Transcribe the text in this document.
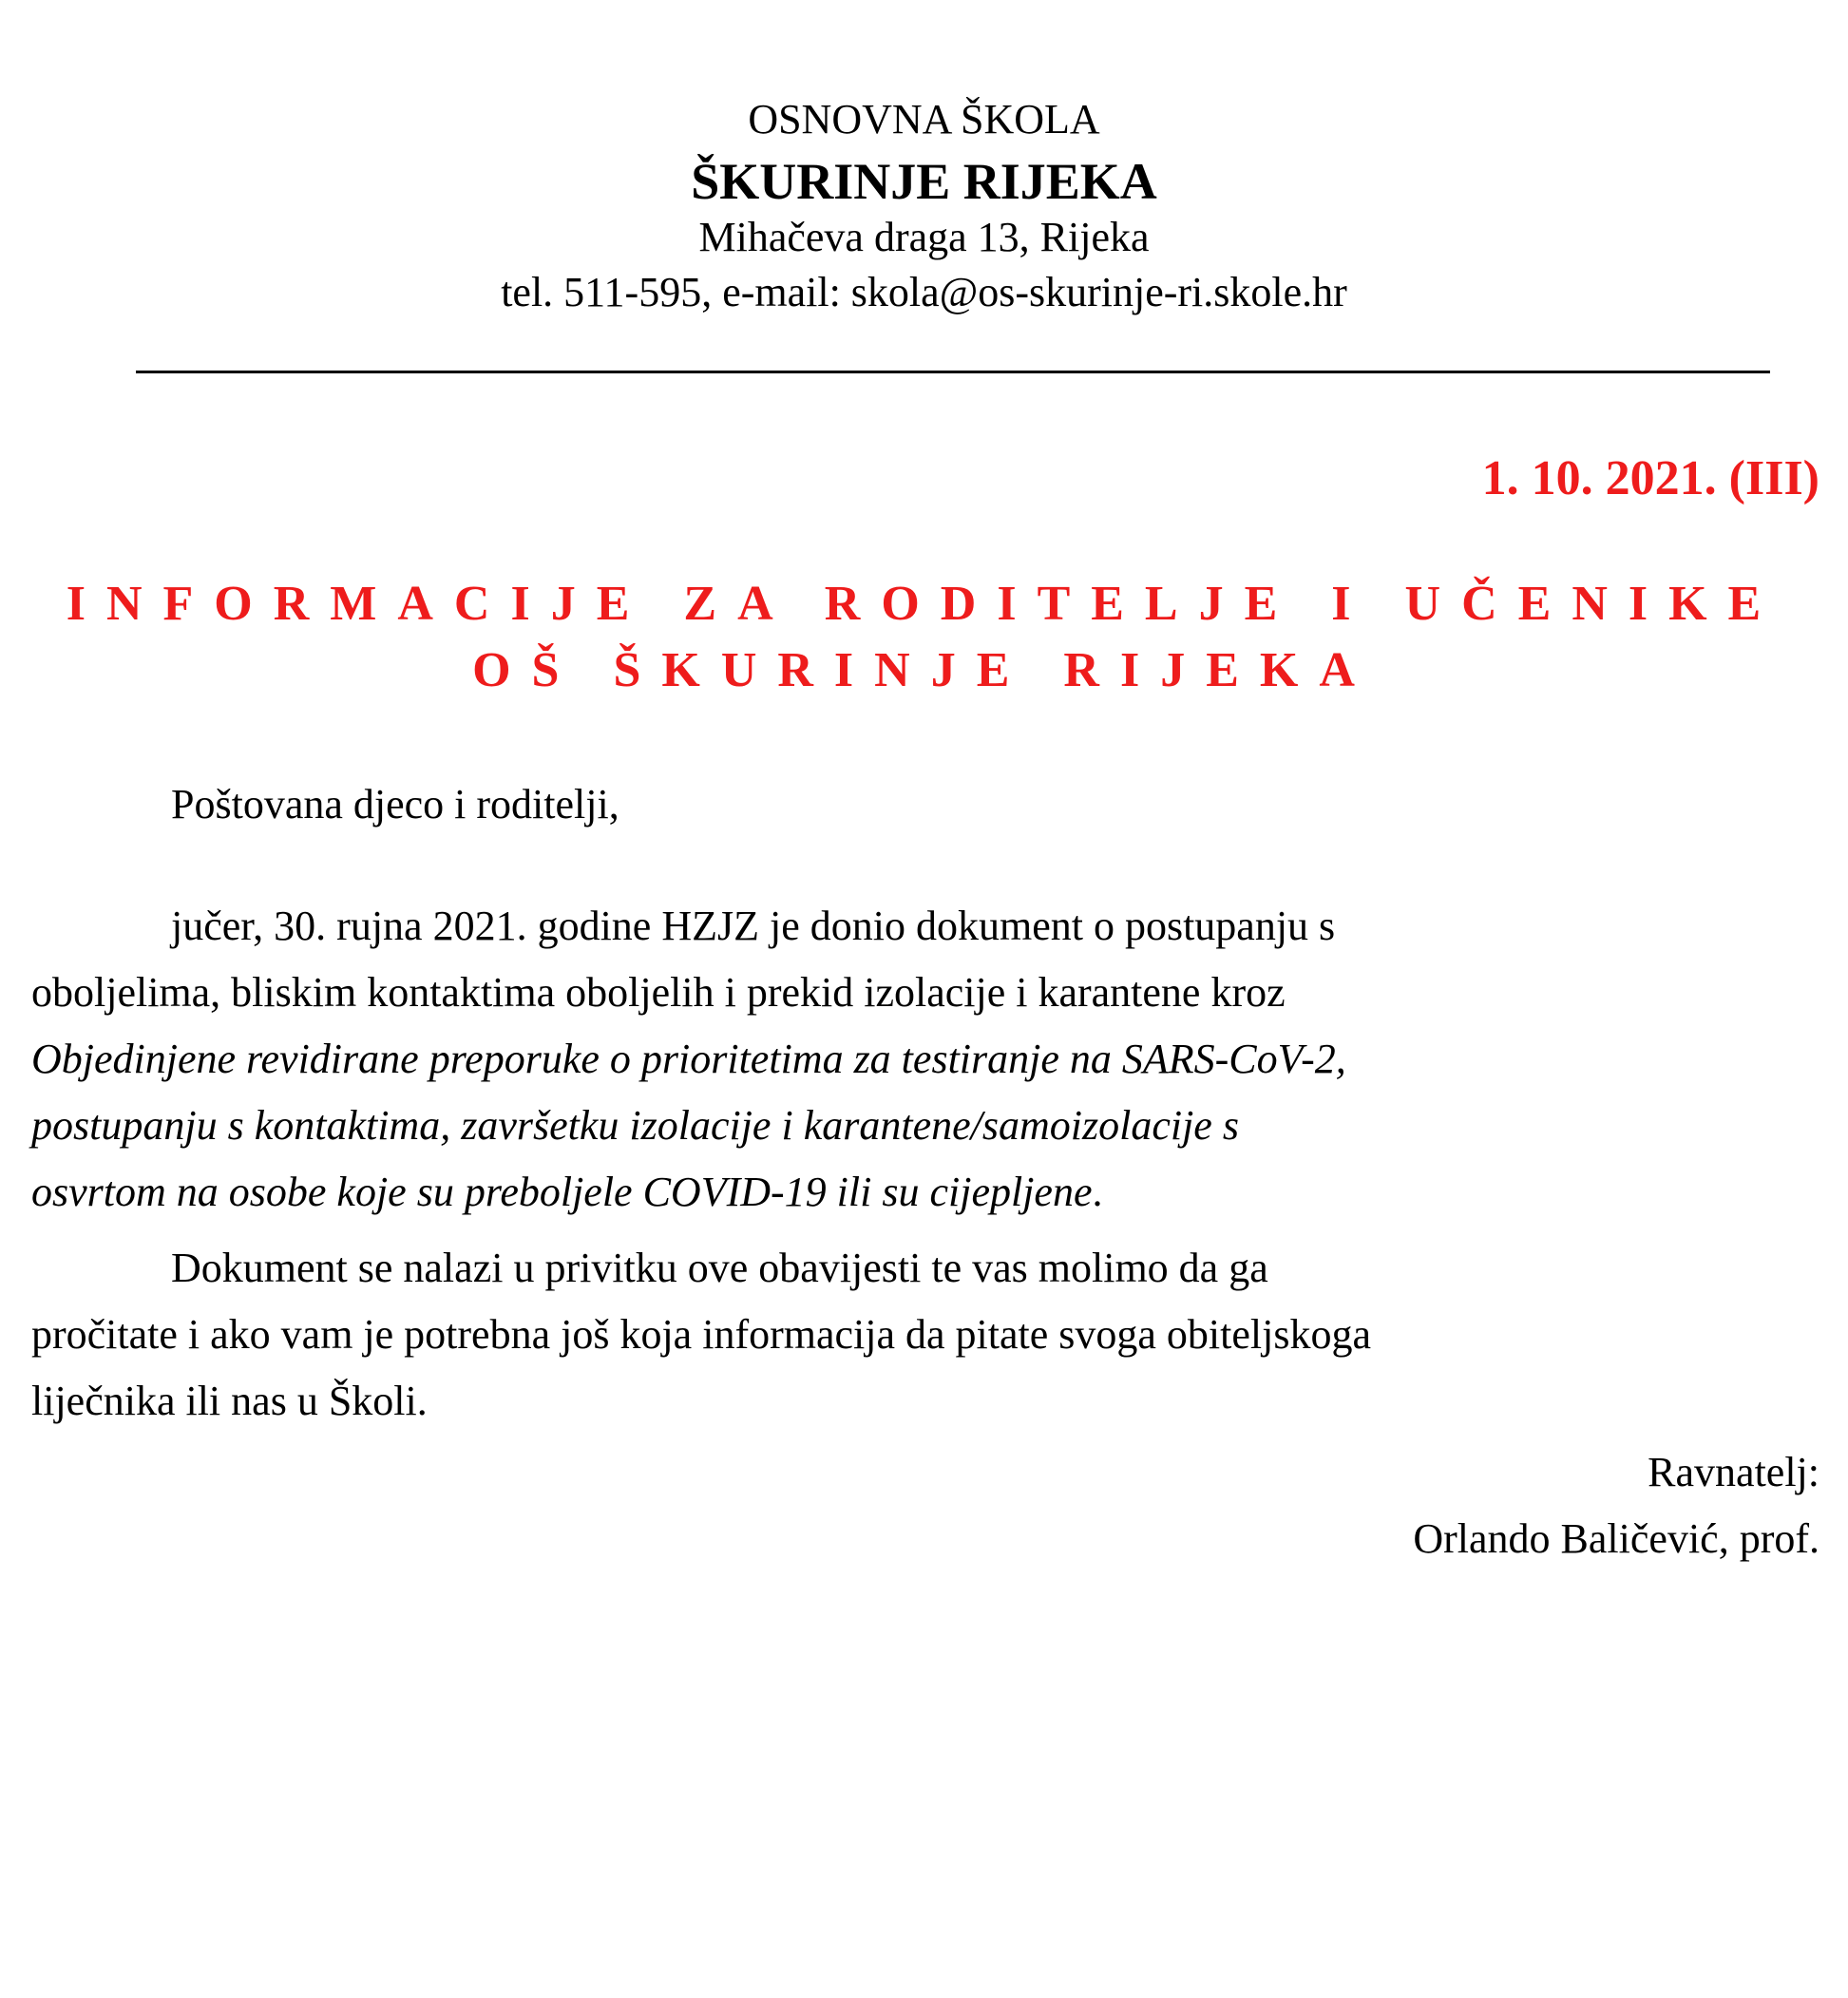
OSNOVNA ŠKOLA
ŠKURINJE RIJEKA
Mihačeva draga 13, Rijeka
tel. 511-595, e-mail: skola@os-skurinje-ri.skole.hr
1. 10. 2021. (III)
INFORMACIJE ZA RODITELJE I UČENIKE
OŠ ŠKURINJE RIJEKA
Poštovana djeco i roditelji,
jučer, 30. rujna 2021. godine HZJZ je donio dokument o postupanju s
oboljelima, bliskim kontaktima oboljelih i prekid izolacije i karantene kroz
Objedinjene revidirane preporuke o prioritetima za testiranje na SARS-CoV-2,
postupanju s kontaktima, završetku izolacije i karantene/samoizolacije s
osvrtom na osobe koje su preboljele COVID-19 ili su cijepljene.
Dokument se nalazi u privitku ove obavijesti te vas molimo da ga
pročitate i ako vam je potrebna još koja informacija da pitate svoga obiteljskoga
liječnika ili nas u Školi.
Ravnatelj:
Orlando Baličević, prof.
